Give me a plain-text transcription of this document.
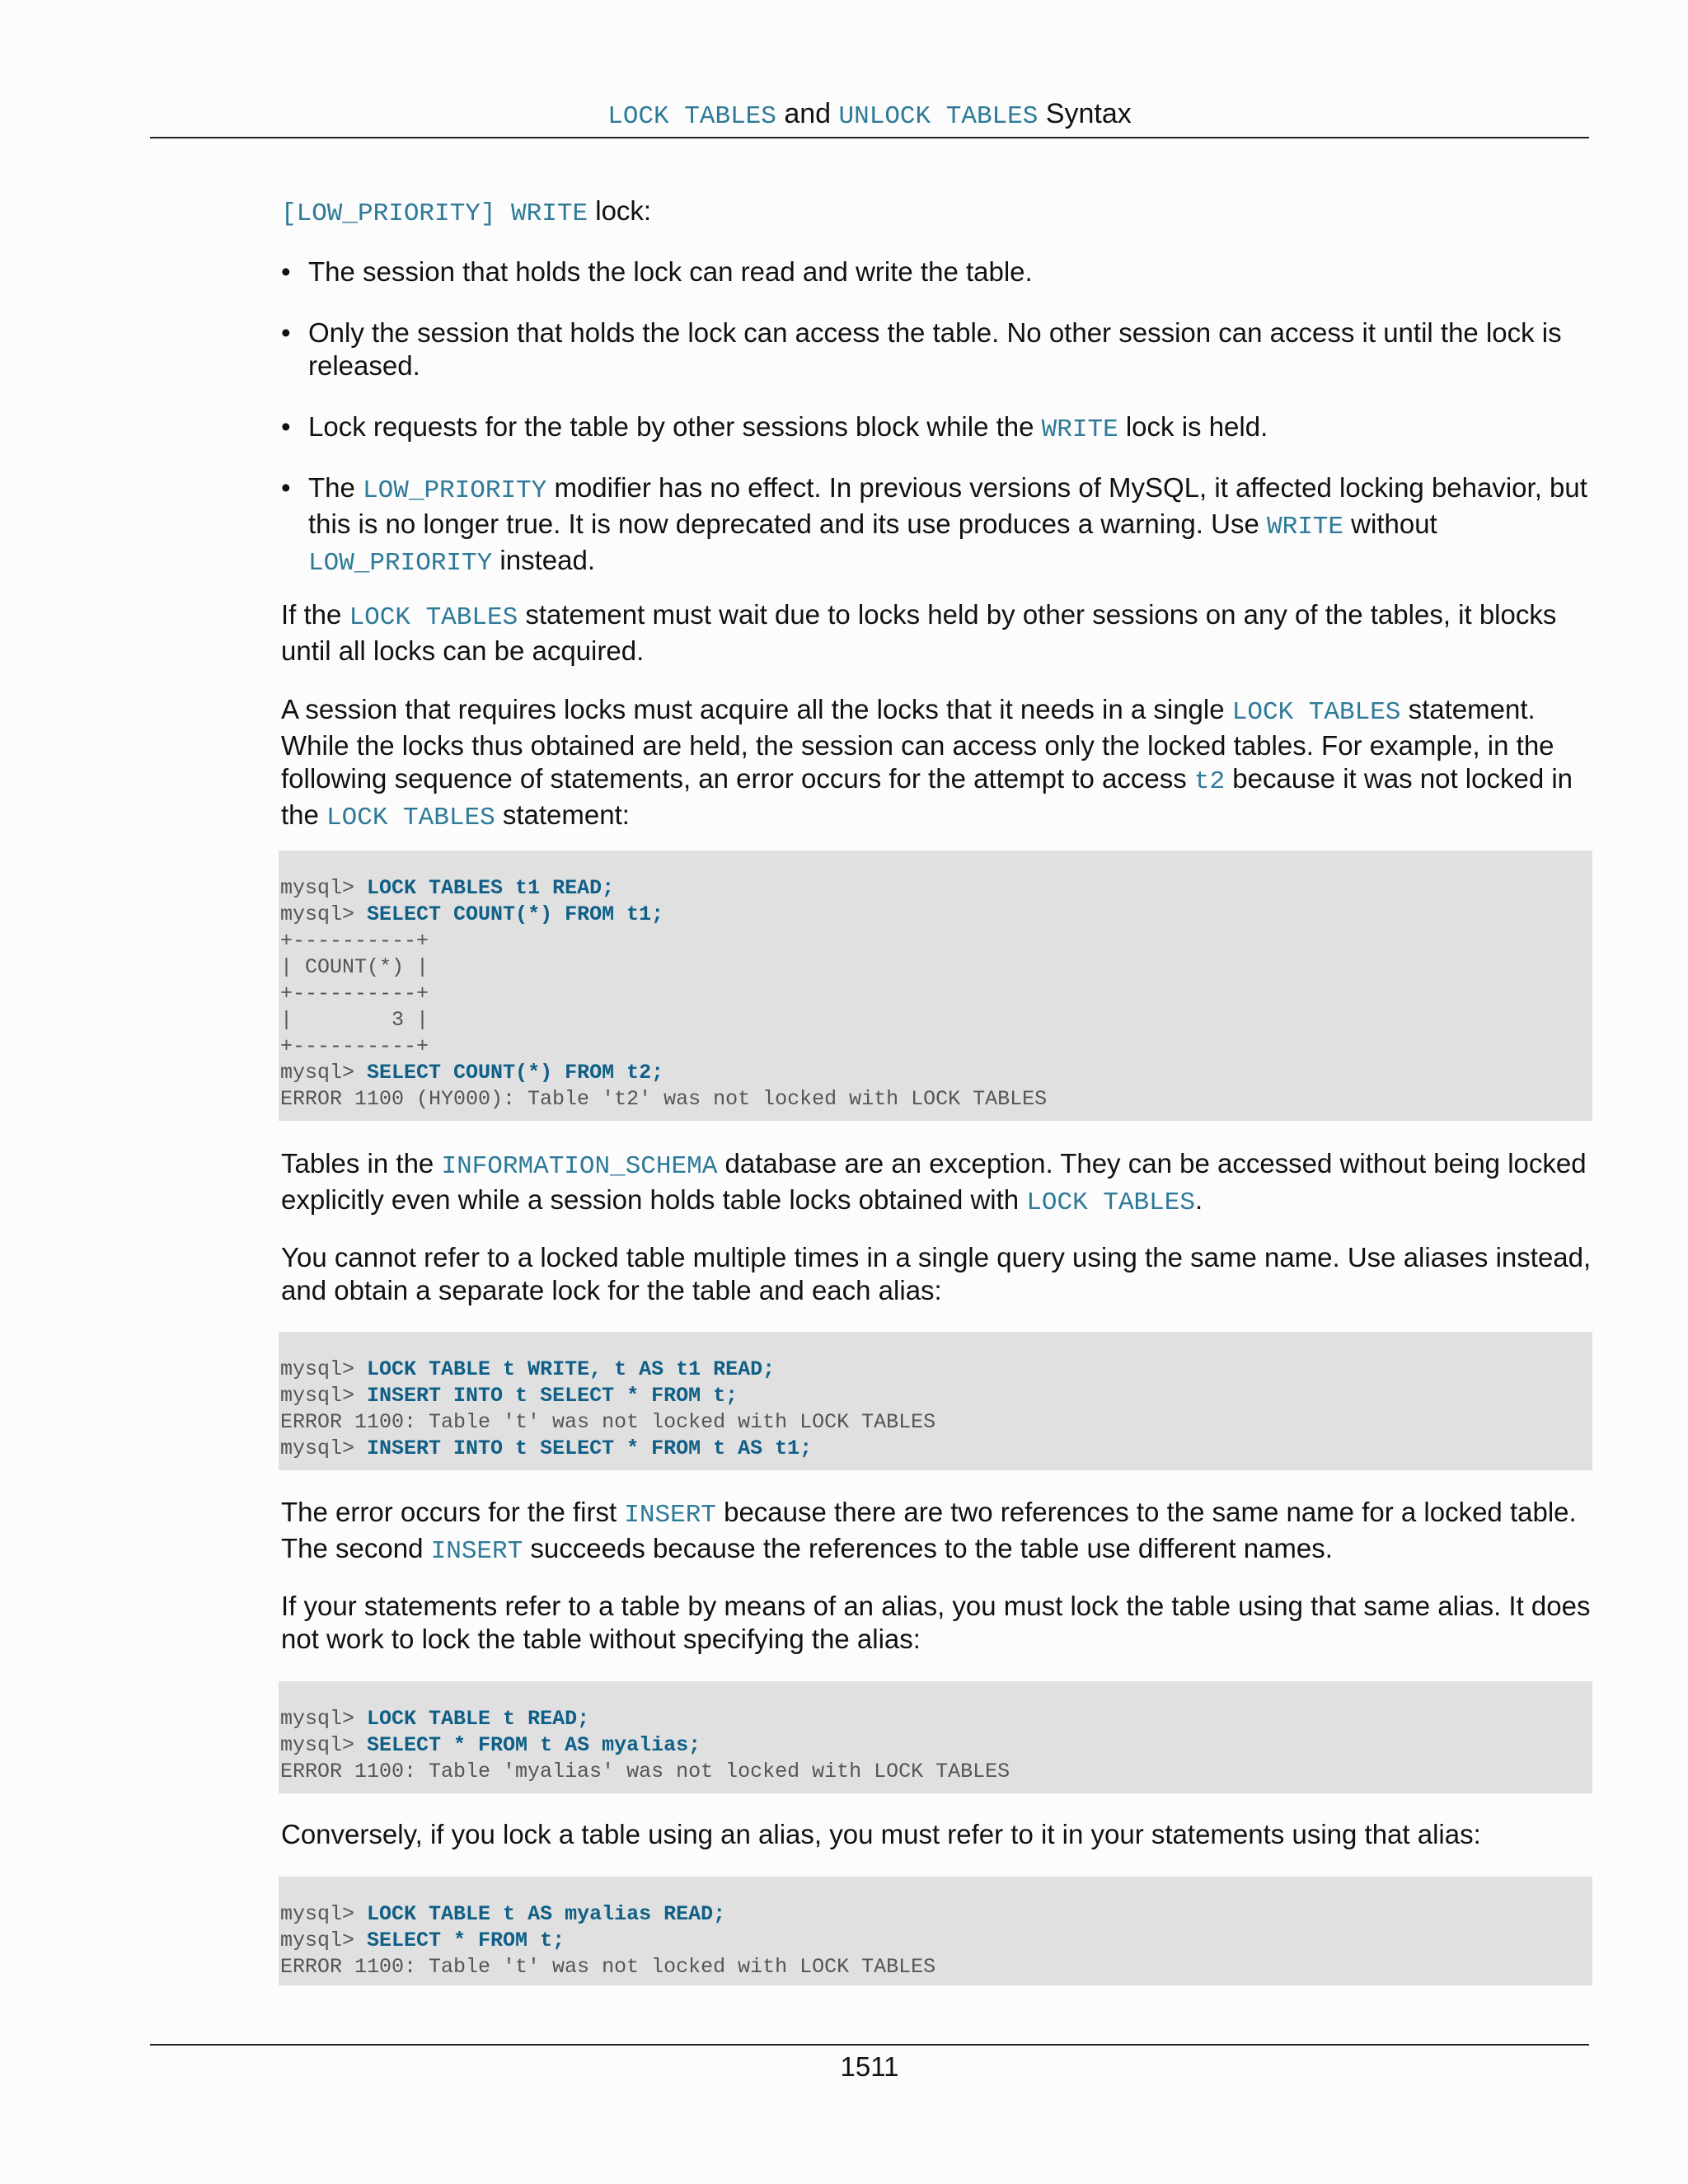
LOCK TABLES and UNLOCK TABLES Syntax

[LOW_PRIORITY] WRITE lock:

• The session that holds the lock can read and write the table.
• Only the session that holds the lock can access the table. No other session can access it until the lock is released.
• Lock requests for the table by other sessions block while the WRITE lock is held.
• The LOW_PRIORITY modifier has no effect. In previous versions of MySQL, it affected locking behavior, but this is no longer true. It is now deprecated and its use produces a warning. Use WRITE without LOW_PRIORITY instead.

If the LOCK TABLES statement must wait due to locks held by other sessions on any of the tables, it blocks until all locks can be acquired.

A session that requires locks must acquire all the locks that it needs in a single LOCK TABLES statement. While the locks thus obtained are held, the session can access only the locked tables. For example, in the following sequence of statements, an error occurs for the attempt to access t2 because it was not locked in the LOCK TABLES statement:

mysql> LOCK TABLES t1 READ;
mysql> SELECT COUNT(*) FROM t1;
+----------+
| COUNT(*) |
+----------+
|        3 |
+----------+
mysql> SELECT COUNT(*) FROM t2;
ERROR 1100 (HY000): Table 't2' was not locked with LOCK TABLES

Tables in the INFORMATION_SCHEMA database are an exception. They can be accessed without being locked explicitly even while a session holds table locks obtained with LOCK TABLES.

You cannot refer to a locked table multiple times in a single query using the same name. Use aliases instead, and obtain a separate lock for the table and each alias:

mysql> LOCK TABLE t WRITE, t AS t1 READ;
mysql> INSERT INTO t SELECT * FROM t;
ERROR 1100: Table 't' was not locked with LOCK TABLES
mysql> INSERT INTO t SELECT * FROM t AS t1;

The error occurs for the first INSERT because there are two references to the same name for a locked table. The second INSERT succeeds because the references to the table use different names.

If your statements refer to a table by means of an alias, you must lock the table using that same alias. It does not work to lock the table without specifying the alias:

mysql> LOCK TABLE t READ;
mysql> SELECT * FROM t AS myalias;
ERROR 1100: Table 'myalias' was not locked with LOCK TABLES

Conversely, if you lock a table using an alias, you must refer to it in your statements using that alias:

mysql> LOCK TABLE t AS myalias READ;
mysql> SELECT * FROM t;
ERROR 1100: Table 't' was not locked with LOCK TABLES
1511
